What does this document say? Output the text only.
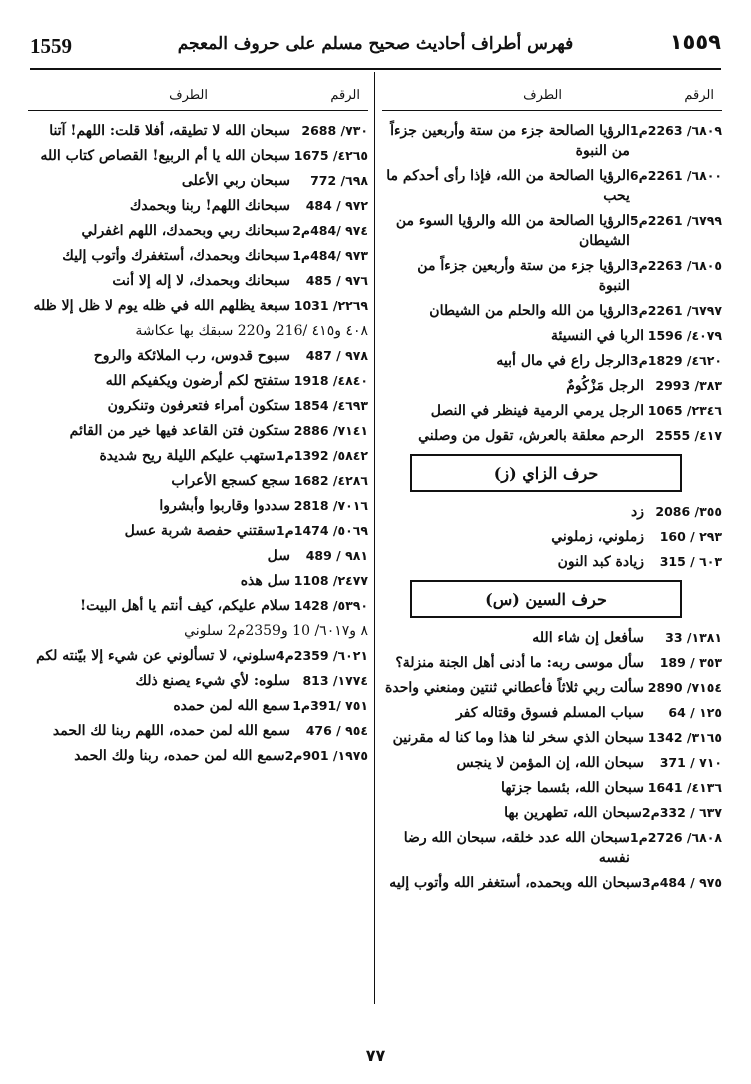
1559	فهرس أطراف أحاديث صحيح مسلم على حروف المعجم	١٥٥٩
الرقم
الطرف
٦٨٠٩/ 2263م1
الرؤيا الصالحة جزء من ستة وأربعين جزءاً من النبوة
٦٨٠٠/ 2261م6
الرؤيا الصالحة من الله، فإذا رأى أحدكم ما يحب
٦٧٩٩/ 2261م5
الرؤيا الصالحة من الله والرؤيا السوء من الشيطان
٦٨٠٥/ 2263م3
الرؤيا جزء من ستة وأربعين جزءاً من النبوة
٦٧٩٧/ 2261م3
الرؤيا من الله والحلم من الشيطان
٤٠٧٩/ 1596
الربا في النسيئة
٤٦٢٠/ 1829م3
الرجل راع في مال أبيه
٣٨٣/ 2993
الرجل مَزْكُومٌ
٢٣٤٦/ 1065
الرجل يرمي الرمية فينظر في النصل
٤١٧/ 2555
الرحم معلقة بالعرش، تقول من وصلني
حرف الزاي (ز)
٣٥٥/ 2086
زد
٢٩٣ / 160
زملوني، زملوني
٦٠٣ / 315
زيادة كبد النون
حرف السين (س)
١٣٨١/ 33
سأفعل إن شاء الله
٣٥٣ / 189
سأل موسى ربه: ما أدنى أهل الجنة منزلة؟
٧١٥٤/ 2890
سألت ربي ثلاثاً فأعطاني ثنتين ومنعني واحدة
١٢٥ / 64
سباب المسلم فسوق وقتاله كفر
٣١٦٥/ 1342
سبحان الذي سخر لنا هذا وما كنا له مقرنين
٧١٠ / 371
سبحان الله، إن المؤمن لا ينجس
٤١٣٦/ 1641
سبحان الله، بئسما جزتها
٦٣٧ / 332م2
سبحان الله، تطهرين بها
٦٨٠٨/ 2726م1
سبحان الله عدد خلقه، سبحان الله رضا نفسه
٩٧٥ / 484م3
سبحان الله وبحمده، أستغفر الله وأتوب إليه
الرقم
الطرف
٧٣٠/ 2688
سبحان الله لا تطيقه، أفلا قلت: اللهم! آتنا
٤٢٦٥/ 1675
سبحان الله يا أم الربيع! القصاص كتاب الله
٦٩٨/ 772
سبحان ربي الأعلى
٩٧٢ / 484
سبحانك اللهم! ربنا وبحمدك
٩٧٤ /484م2
سبحانك ربي وبحمدك، اللهم اغفرلي
٩٧٣ /484م1
سبحانك وبحمدك، أستغفرك وأتوب إليك
٩٧٦ / 485
سبحانك وبحمدك، لا إله إلا أنت
٢٢٦٩/ 1031
سبعة يظلهم الله في ظله يوم لا ظل إلا ظله
٤٠٨ و٤١٥ /216 و220 سبقك بها عكاشة
٩٧٨ / 487
سبوح قدوس، رب الملائكة والروح
٤٨٤٠/ 1918
ستفتح لكم أرضون ويكفيكم الله
٤٦٩٣/ 1854
ستكون أمراء فتعرفون وتنكرون
٧١٤١/ 2886
ستكون فتن القاعد فيها خير من القائم
٥٨٤٢/ 1392م1
ستهب عليكم الليلة ريح شديدة
٤٢٨٦/ 1682
سجع كسجع الأعراب
٧٠١٦/ 2818
سددوا وقاربوا وأبشروا
٥٠٦٩/ 1474م1
سقتني حفصة شربة عسل
٩٨١ / 489
سل
٢٤٧٧/ 1108
سل هذه
٥٣٩٠/ 1428
سلام عليكم، كيف أنتم يا أهل البيت!
٨ و٦٠١٧/ 10 و2359م2 سلوني
٦٠٢١/ 2359م4
سلوني، لا تسألوني عن شيء إلا بيّنته لكم
١٧٧٤/ 813
سلوه: لأي شيء يصنع ذلك
٧٥١ /391م1
سمع الله لمن حمده
٩٥٤ / 476
سمع الله لمن حمده، اللهم ربنا لك الحمد
١٩٧٥/ 901م2
سمع الله لمن حمده، ربنا ولك الحمد
٧٧
